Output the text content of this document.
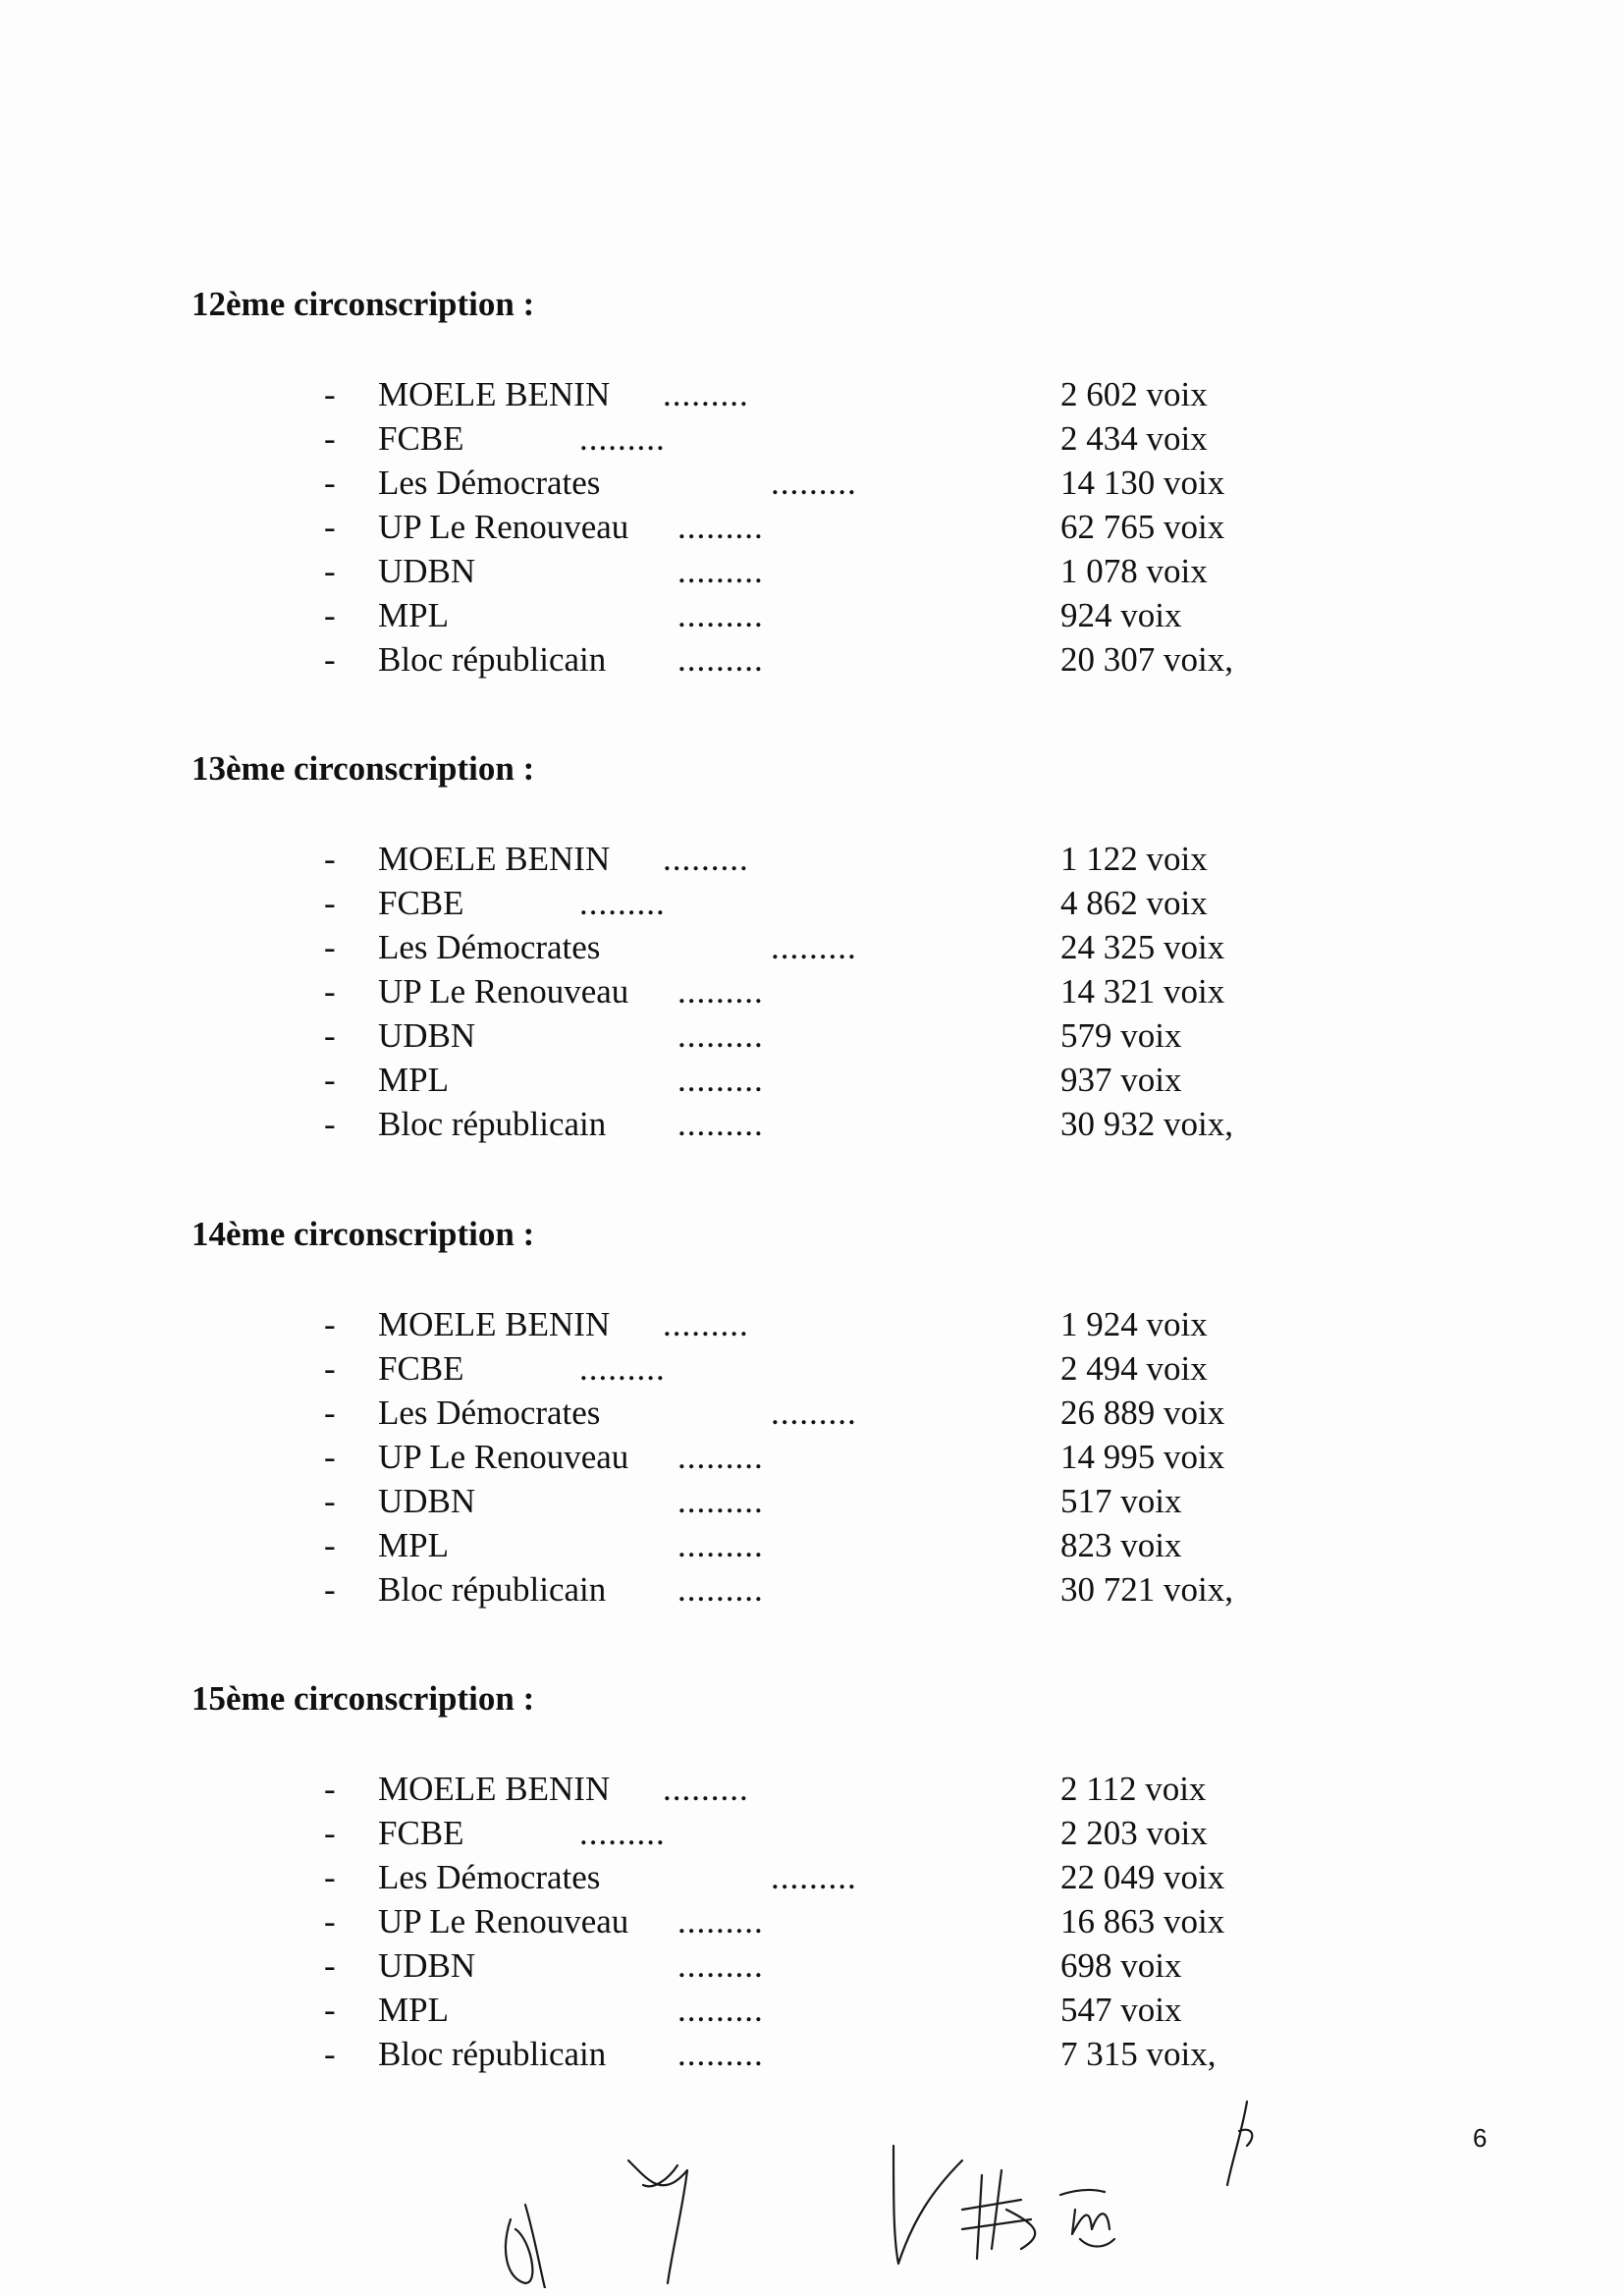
12ème circonscription :
- MOELE BENIN .........	2 602 voix
- FCBE	.........	2 434 voix
- Les Démocrates	.........	14 130 voix
- UP Le Renouveau .........	62 765 voix
- UDBN	.........	1 078 voix
- MPL	.........	924 voix
- Bloc républicain .........	20 307 voix,
13ème circonscription :
- MOELE BENIN .........	1 122 voix
- FCBE	.........	4 862 voix
- Les Démocrates	.........	24 325 voix
- UP Le Renouveau .........	14 321 voix
- UDBN	.........	579 voix
- MPL	.........	937 voix
- Bloc républicain .........	30 932 voix,
14ème circonscription :
- MOELE BENIN .........	1 924 voix
- FCBE	.........	2 494 voix
- Les Démocrates	.........	26 889 voix
- UP Le Renouveau .........	14 995 voix
- UDBN	.........	517 voix
- MPL	.........	823 voix
- Bloc républicain .........	30 721 voix,
15ème circonscription :
- MOELE BENIN .........	2 112 voix
- FCBE	.........	2 203 voix
- Les Démocrates	.........	22 049 voix
- UP Le Renouveau .........	16 863 voix
- UDBN	.........	698 voix
- MPL	.........	547 voix
- Bloc républicain .........	7 315 voix,
6
